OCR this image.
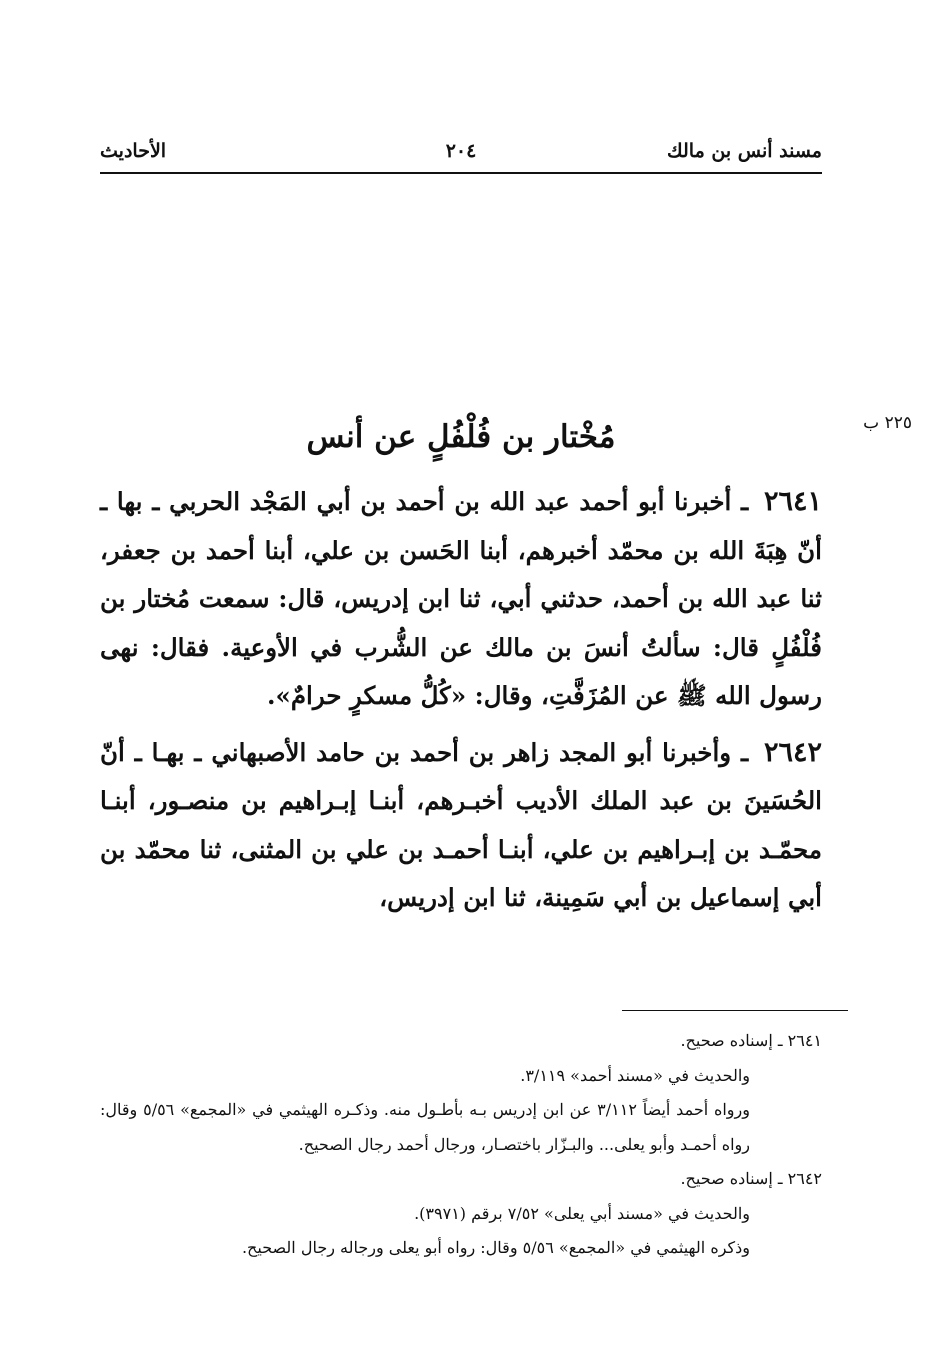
مسند أنس بن مالك
٢٠٤
الأحاديث
٢٢٥ ب
مُخْتار بن فُلْفُلٍ عن أنس

٢٦٤١ ـ أخبرنا أبو أحمد عبد الله بن أحمد بن أبي المَجْد الحربي ـ بها ـ أنّ هِبَةَ الله بن محمّد أخبرهم، أبنا الحَسن بن علي، أبنا أحمد بن جعفر، ثنا عبد الله بن أحمد، حدثني أبي، ثنا ابن إدريس، قال: سمعت مُختار بن فُلْفُلٍ قال: سألتُ أنسَ بن مالك عن الشُّرب في الأوعية. فقال: نهى رسول الله ﷺ عن المُزَفَّتِ، وقال: «كُلُّ مسكرٍ حرامٌ».

٢٦٤٢ ـ وأخبرنا أبو المجد زاهر بن أحمد بن حامد الأصبهاني ـ بهـا ـ أنّ الحُسَينَ بن عبد الملك الأديب أخبـرهم، أبنـا إبـراهيم بن منصـور، أبنـا محمّـد بن إبـراهيم بن علي، أبنـا أحمـد بن علي بن المثنى، ثنا محمّد بن أبي إسماعيل بن أبي سَمِينة، ثنا ابن إدريس،

٢٦٤١ ـ إسناده صحيح.
والحديث في «مسند أحمد» ٣/١١٩.
ورواه أحمد أيضاً ٣/١١٢ عن ابن إدريس بـه بأطـول منه. وذكـره الهيثمي في «المجمع» ٥/٥٦ وقال: رواه أحمـد وأبو يعلى... والبـزّار باختصـار، ورجال أحمد رجال الصحيح.
٢٦٤٢ ـ إسناده صحيح.
والحديث في «مسند أبي يعلى» ٧/٥٢ برقم (٣٩٧١).
وذكره الهيثمي في «المجمع» ٥/٥٦ وقال: رواه أبو يعلى ورجاله رجال الصحيح.
